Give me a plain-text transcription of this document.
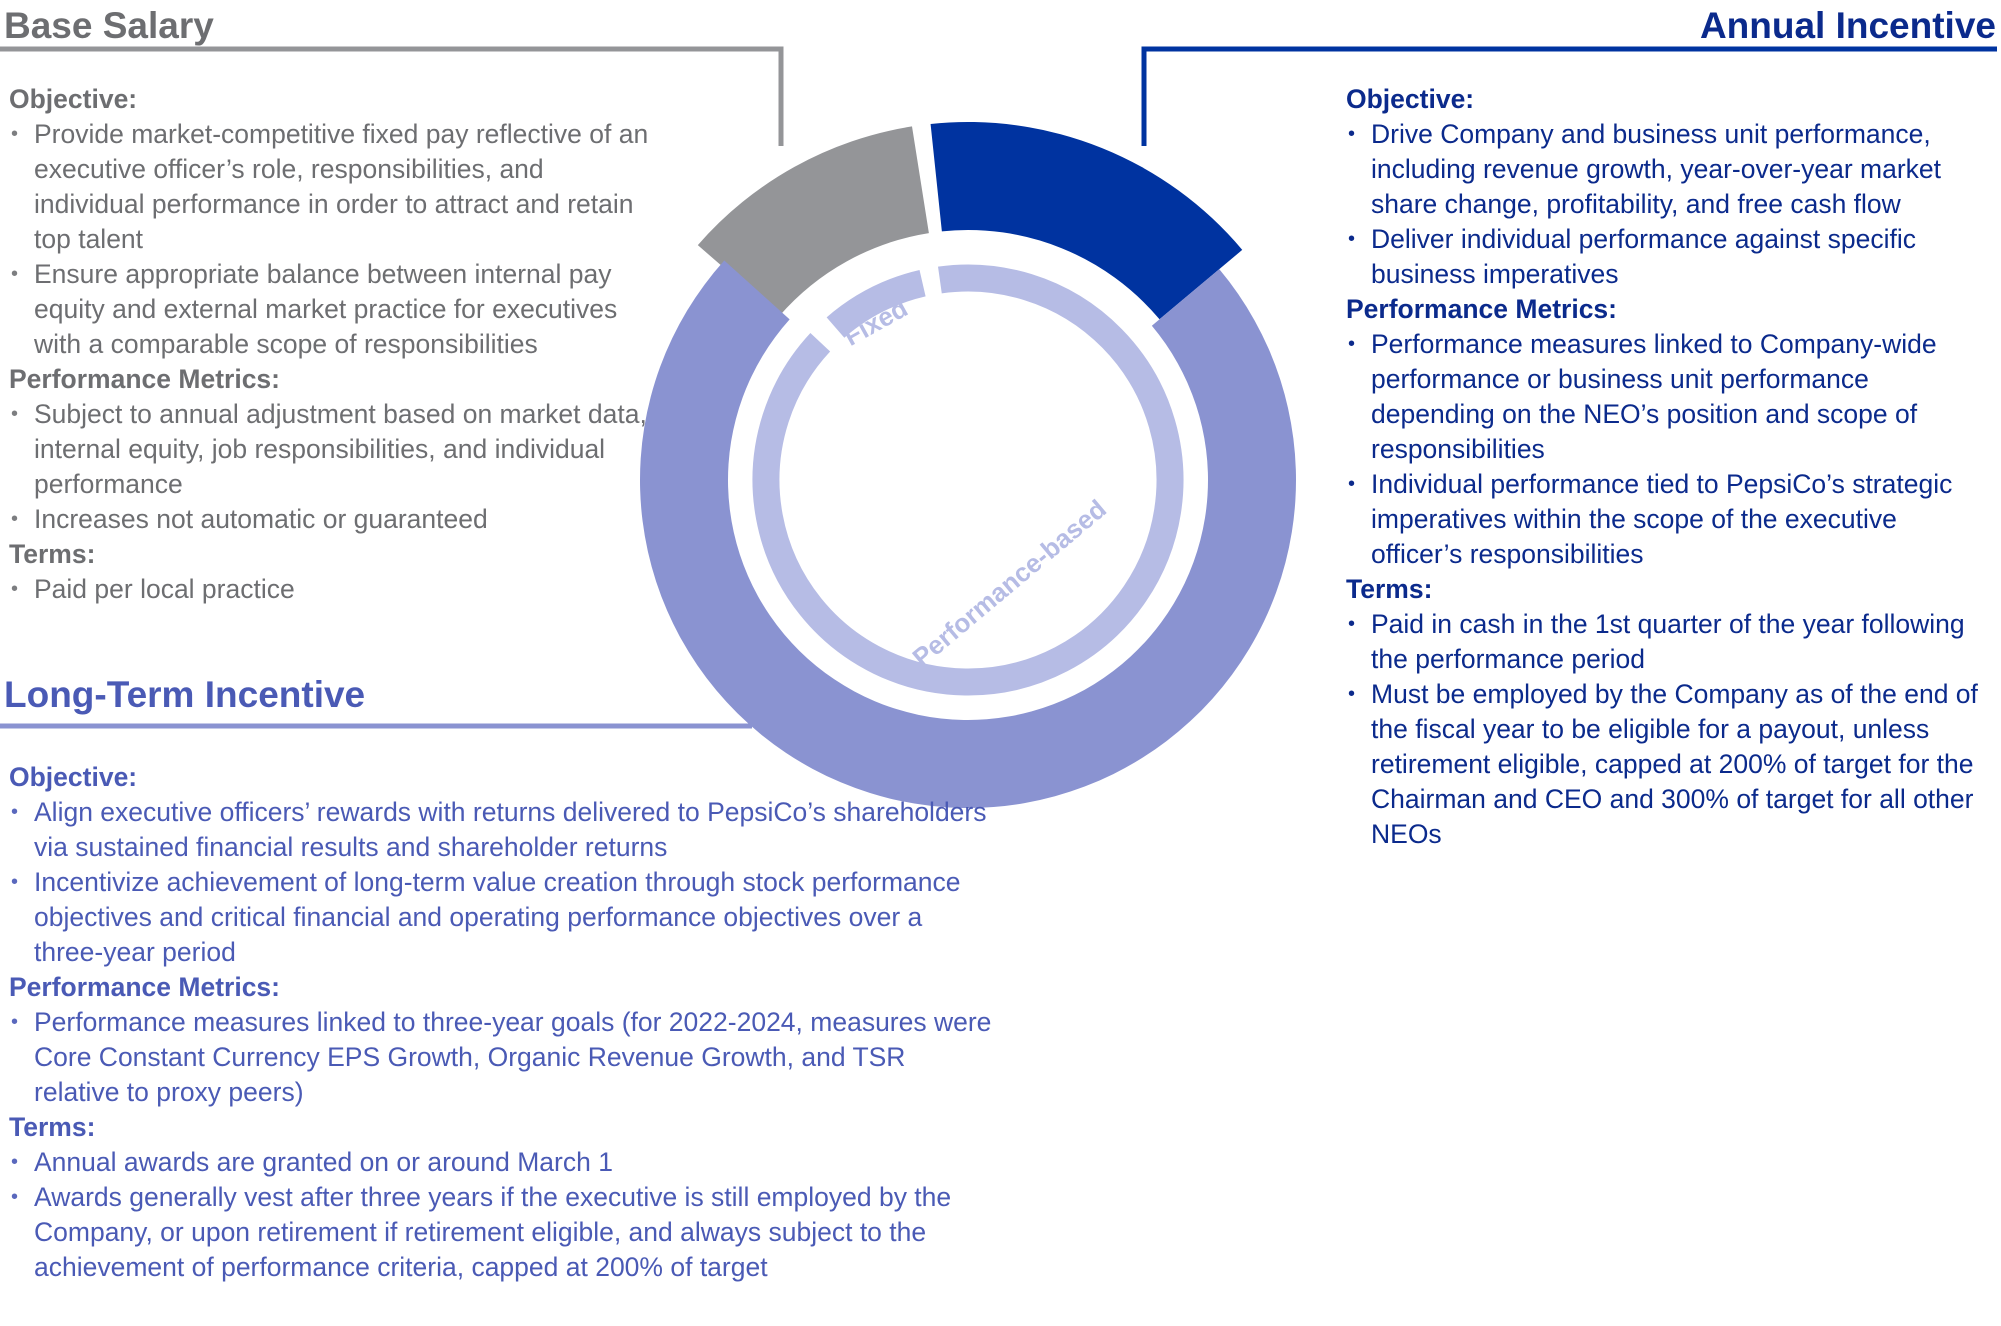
Fixed
Performance-based
Base Salary
Objective:
• Provide market-competitive fixed pay reflective of an executive officer’s role, responsibilities, and individual performance in order to attract and retain top talent
• Ensure appropriate balance between internal pay equity and external market practice for executives with a comparable scope of responsibilities
Performance Metrics:
• Subject to annual adjustment based on market data, internal equity, job responsibilities, and individual performance
• Increases not automatic or guaranteed
Terms:
• Paid per local practice
Annual Incentive
Objective:
• Drive Company and business unit performance, including revenue growth, year-over-year market share change, profitability, and free cash flow
• Deliver individual performance against specific business imperatives
Performance Metrics:
• Performance measures linked to Company-wide performance or business unit performance depending on the NEO’s position and scope of responsibilities
• Individual performance tied to PepsiCo’s strategic imperatives within the scope of the executive officer’s responsibilities
Terms:
• Paid in cash in the 1st quarter of the year following the performance period
• Must be employed by the Company as of the end of the fiscal year to be eligible for a payout, unless retirement eligible, capped at 200% of target for the Chairman and CEO and 300% of target for all other NEOs
Long-Term Incentive
Objective:
• Align executive officers’ rewards with returns delivered to PepsiCo’s shareholders via sustained financial results and shareholder returns
• Incentivize achievement of long-term value creation through stock performance objectives and critical financial and operating performance objectives over a three-year period
Performance Metrics:
• Performance measures linked to three-year goals (for 2022-2024, measures were Core Constant Currency EPS Growth, Organic Revenue Growth, and TSR relative to proxy peers)
Terms:
• Annual awards are granted on or around March 1
• Awards generally vest after three years if the executive is still employed by the Company, or upon retirement if retirement eligible, and always subject to the achievement of performance criteria, capped at 200% of target
